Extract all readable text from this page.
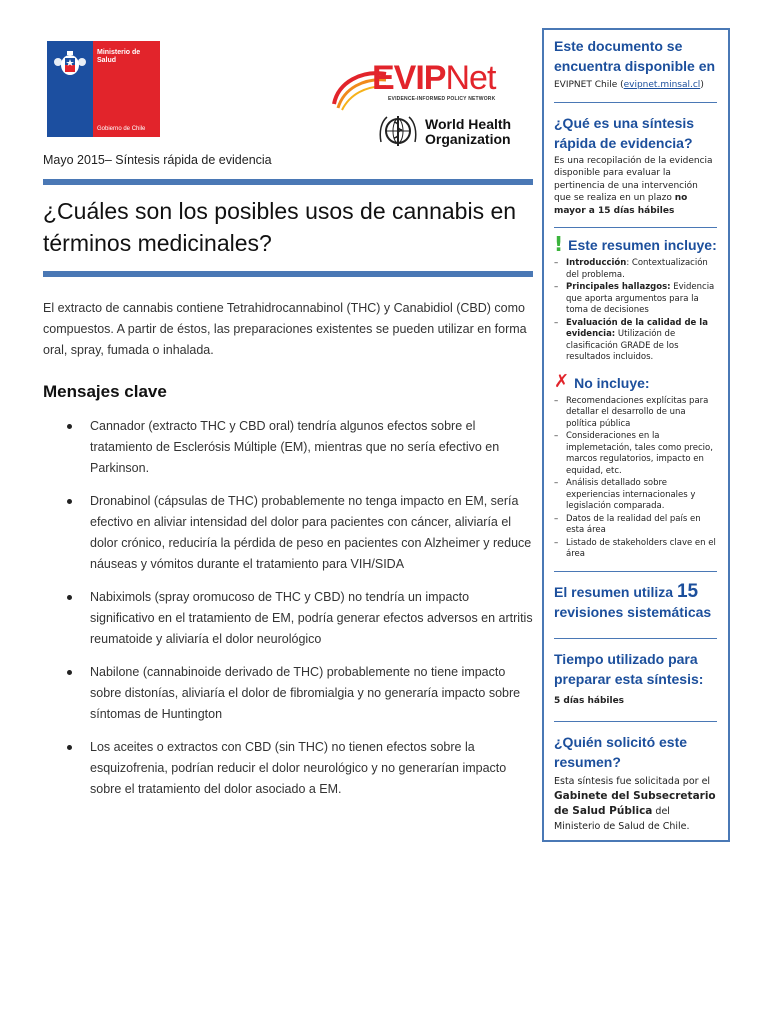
Ministerio de Salud
Gobierno de Chile
EVIPNet
EVIDENCE-INFORMED POLICY NETWORK
World Health
Organization
Mayo 2015– Síntesis rápida de evidencia
¿Cuáles son los posibles usos de cannabis en términos medicinales?

El extracto de cannabis contiene Tetrahidrocannabinol (THC) y Canabidiol (CBD) como compuestos. A partir de éstos, las preparaciones existentes se pueden utilizar en forma oral, spray, fumada o inhalada.

Mensajes clave
Cannador (extracto THC y CBD oral) tendría algunos efectos sobre el tratamiento de Esclerósis Múltiple (EM), mientras que no sería efectivo en Parkinson.
Dronabinol (cápsulas de THC) probablemente no tenga impacto en EM, sería efectivo en aliviar intensidad del dolor para pacientes con cáncer, aliviaría el dolor crónico, reduciría la pérdida de peso en pacientes con Alzheimer y reduce náuseas y vómitos durante el tratamiento para VIH/SIDA
Nabiximols (spray oromucoso de THC y CBD) no tendría un impacto significativo en el tratamiento de EM, podría generar efectos adversos en artritis reumatoide y aliviaría el dolor neurológico
Nabilone (cannabinoide derivado de THC) probablemente no tiene impacto sobre distonías, aliviaría el dolor de fibromialgia y no generaría impacto sobre síntomas de Huntington
Los aceites o extractos con CBD (sin THC) no tienen efectos sobre la esquizofrenia, podrían reducir el dolor neurológico y no generarían impacto sobre el tratamiento del dolor asociado a EM.
Este documento se encuentra disponible en
EVIPNET Chile (evipnet.minsal.cl)
¿Qué es una síntesis rápida de evidencia?
Es una recopilación de la evidencia disponible para evaluar la pertinencia de una intervención que se realiza en un plazo no mayor a 15 días hábiles
! Este resumen incluye:
– Introducción: Contextualización del problema.
– Principales hallazgos: Evidencia que aporta argumentos para la toma de decisiones
– Evaluación de la calidad de la evidencia: Utilización de clasificación GRADE de los resultados incluidos.
✗ No incluye:
– Recomendaciones explícitas para detallar el desarrollo de una política pública
– Consideraciones en la implemetación, tales como precio, marcos regulatorios, impacto en equidad, etc.
– Análisis detallado sobre experiencias internacionales y legislación comparada.
– Datos de la realidad del país en esta área
– Listado de stakeholders clave en el área
El resumen utiliza 15
revisiones sistemáticas
Tiempo utilizado para preparar esta síntesis:
5 días hábiles
¿Quién solicitó este resumen?
Esta síntesis fue solicitada por el Gabinete del Subsecretario de Salud Pública del Ministerio de Salud de Chile.
